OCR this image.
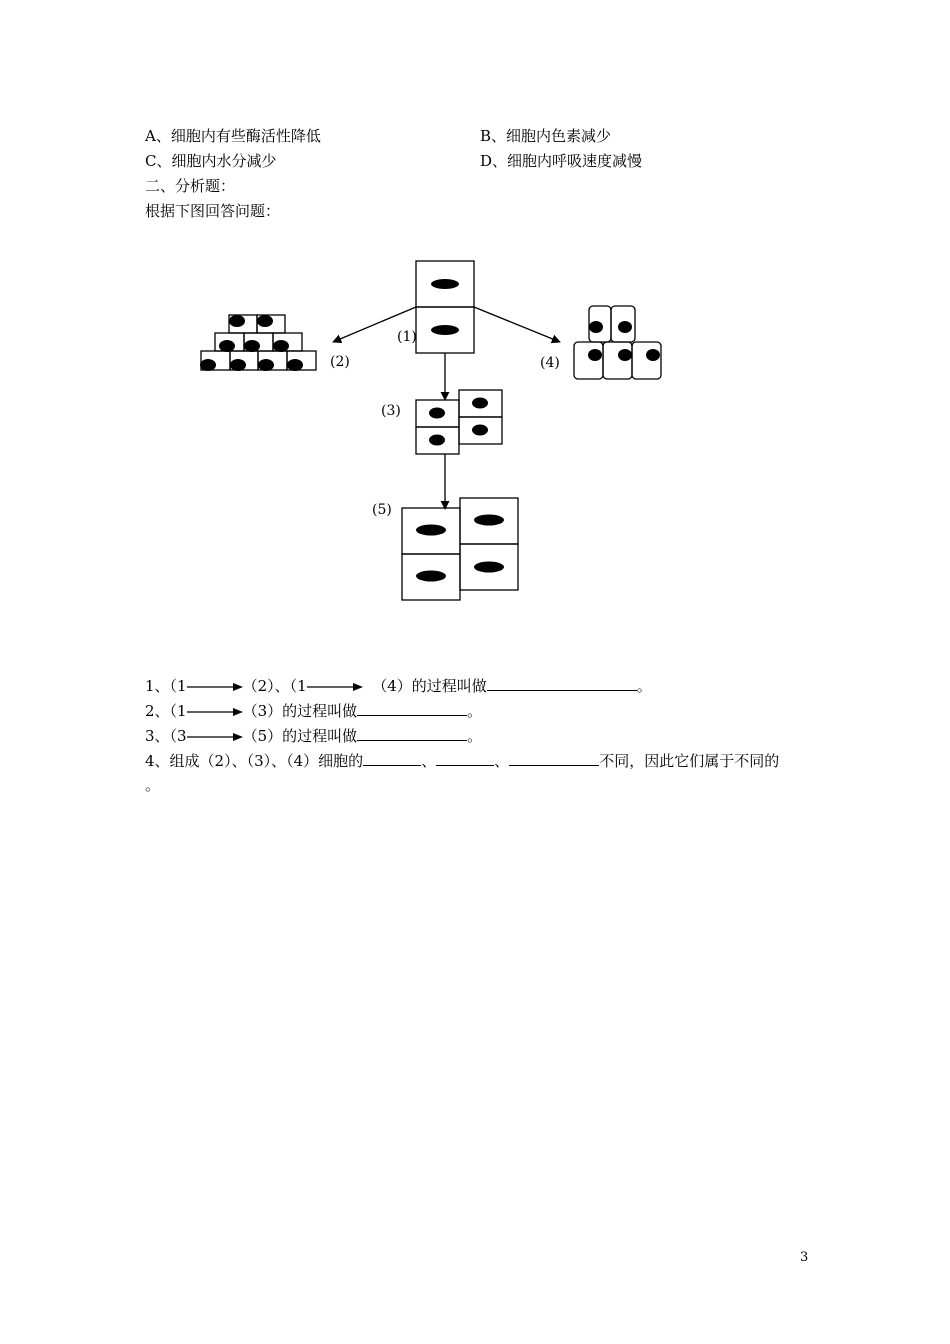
A、细胞内有些酶活性降低	B、细胞内色素减少
C、细胞内水分减少	D、细胞内呼吸速度减慢
二、分析题：
根据下图回答问题：
(1)
(2)
(3)
(4)
(5)
1、（1	（2）、（1	（4）的过程叫做	。
2、（1	（3）的过程叫做	。
3、（3	（5）的过程叫做	。
4、组成（2）、（3）、（4）细胞的	、	、	不同，因此它们属于不同的
。
3
